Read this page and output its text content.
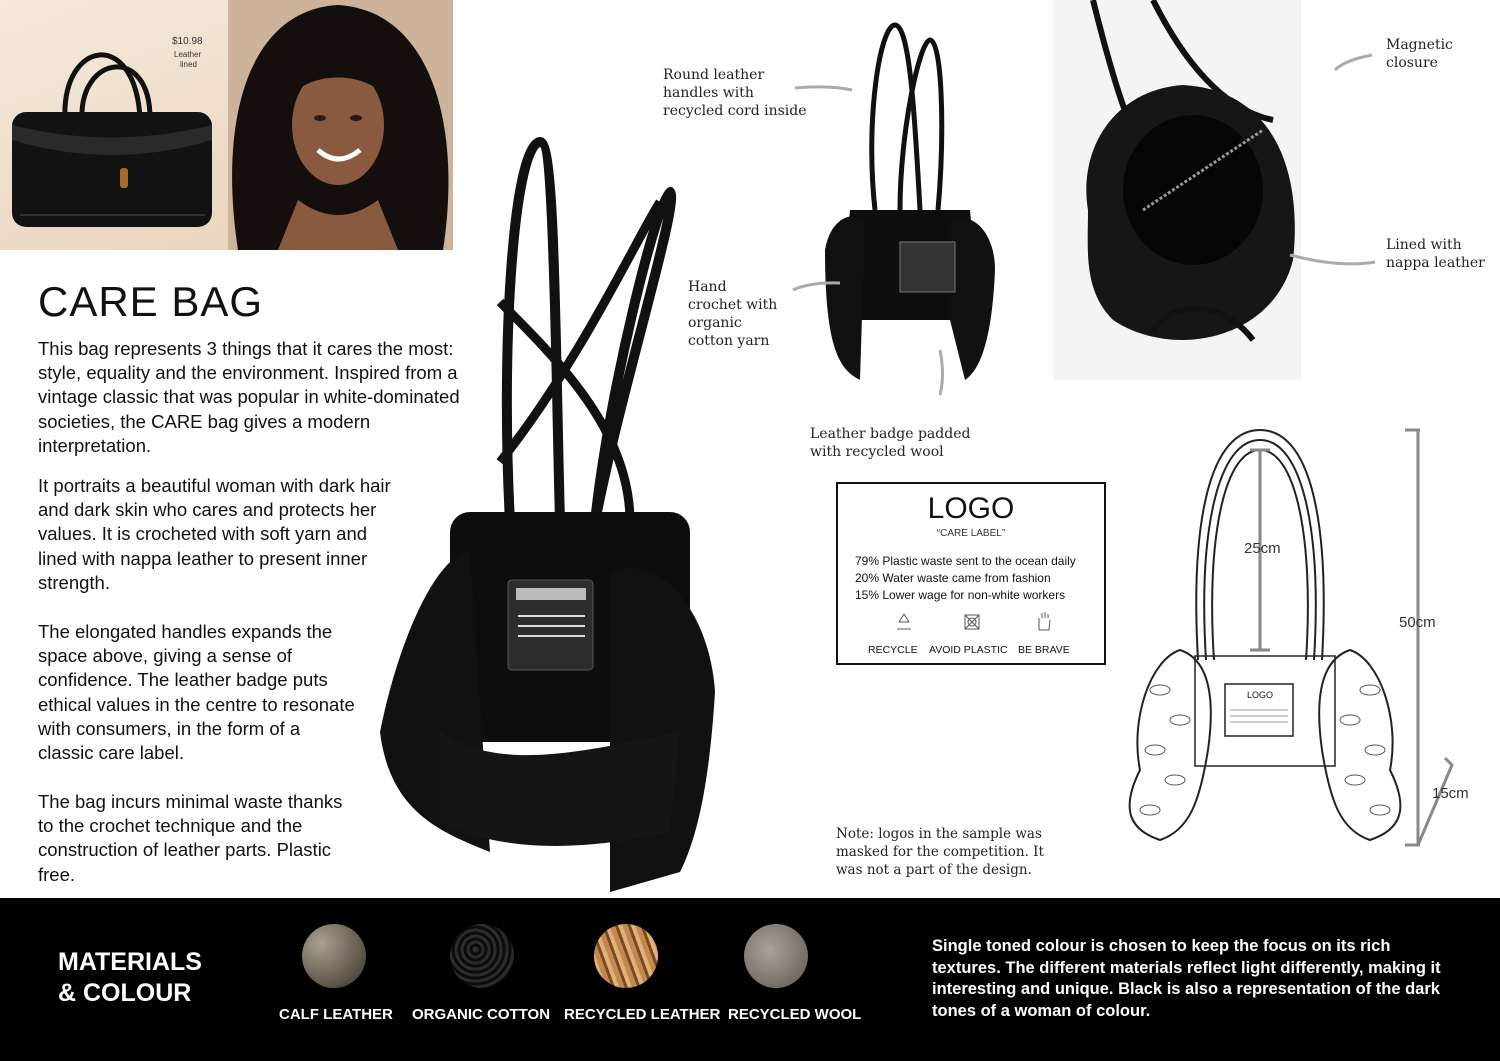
$10.98
Leather
lined
CARE BAG
This bag represents 3 things that it cares the most: style, equality and the environment. Inspired from a vintage classic that was popular in white-dominated societies, the CARE bag gives a modern interpretation.
It portraits a beautiful woman with dark hair and dark skin who cares and protects her values. It is crocheted with soft yarn and lined with nappa leather to present inner strength.
The elongated handles expands the space above, giving a sense of confidence. The leather badge puts ethical values in the centre to resonate with consumers, in the form of a classic care label.
The bag incurs minimal waste thanks to the crochet technique and the construction of leather parts. Plastic free.
Round leather
handles with
recycled cord inside
Hand
crochet with
organic
cotton yarn
Leather badge padded
with recycled wool
Magnetic
closure
Lined with
nappa leather
LOGO
“CARE LABEL”
79% Plastic waste sent to the ocean daily
20% Water waste came from fashion
15% Lower wage for non-white workers
RECYCLE AVOID PLASTIC BE BRAVE
Note: logos in the sample was
masked for the competition. It
was not a part of the design.
LOGO
25cm
50cm
15cm
MATERIALS
& COLOUR
CALF LEATHER ORGANIC COTTON RECYCLED LEATHER RECYCLED WOOL
Single toned colour is chosen to keep the focus on its rich textures. The different materials reflect light differently, making it interesting and unique. Black is also a representation of the dark tones of a woman of colour.
